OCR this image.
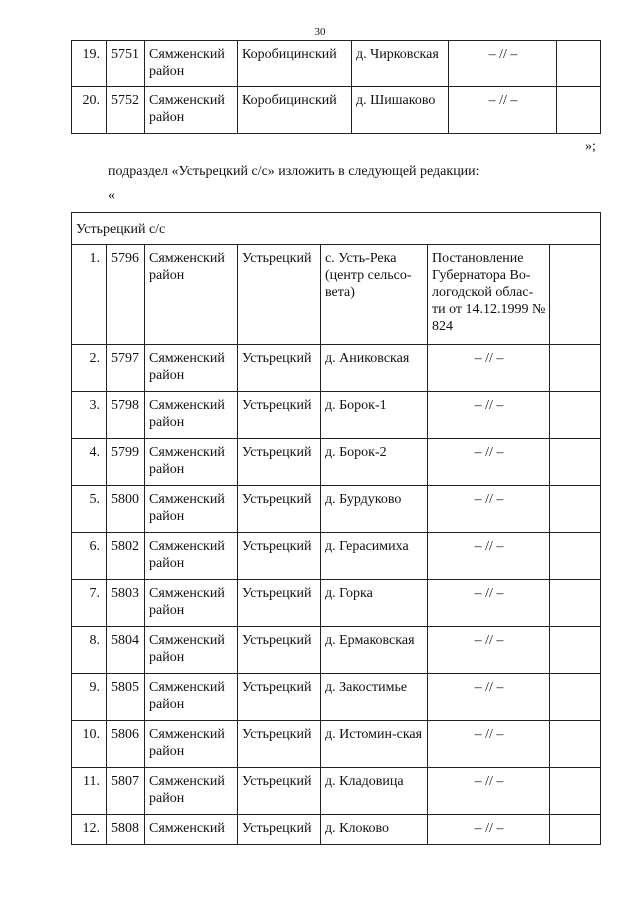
30
19.	5751	Сямженский район	Коробицинский	д. Чирковская	– // –	
20.	5752	Сямженский район	Коробицинский	д. Шишаково	– // –	
»;
подраздел «Устьрецкий с/с» изложить в следующей редакции:
«
Устьрецкий с/с						
1.	5796	Сямженский район	Устьрецкий	с. Усть-Река (центр сельсо-вета)	Постановление Губернатора Во-логодской облас-ти от 14.12.1999 № 824	
2.	5797	Сямженский район	Устьрецкий	д. Аниковская	– // –	
3.	5798	Сямженский район	Устьрецкий	д. Борок-1	– // –	
4.	5799	Сямженский район	Устьрецкий	д. Борок-2	– // –	
5.	5800	Сямженский район	Устьрецкий	д. Бурдуково	– // –	
6.	5802	Сямженский район	Устьрецкий	д. Герасимиха	– // –	
7.	5803	Сямженский район	Устьрецкий	д. Горка	– // –	
8.	5804	Сямженский район	Устьрецкий	д. Ермаковская	– // –	
9.	5805	Сямженский район	Устьрецкий	д. Закостимье	– // –	
10.	5806	Сямженский район	Устьрецкий	д. Истомин-ская	– // –	
11.	5807	Сямженский район	Устьрецкий	д. Кладовица	– // –	
12.	5808	Сямженский	Устьрецкий	д. Клоково	– // –	
